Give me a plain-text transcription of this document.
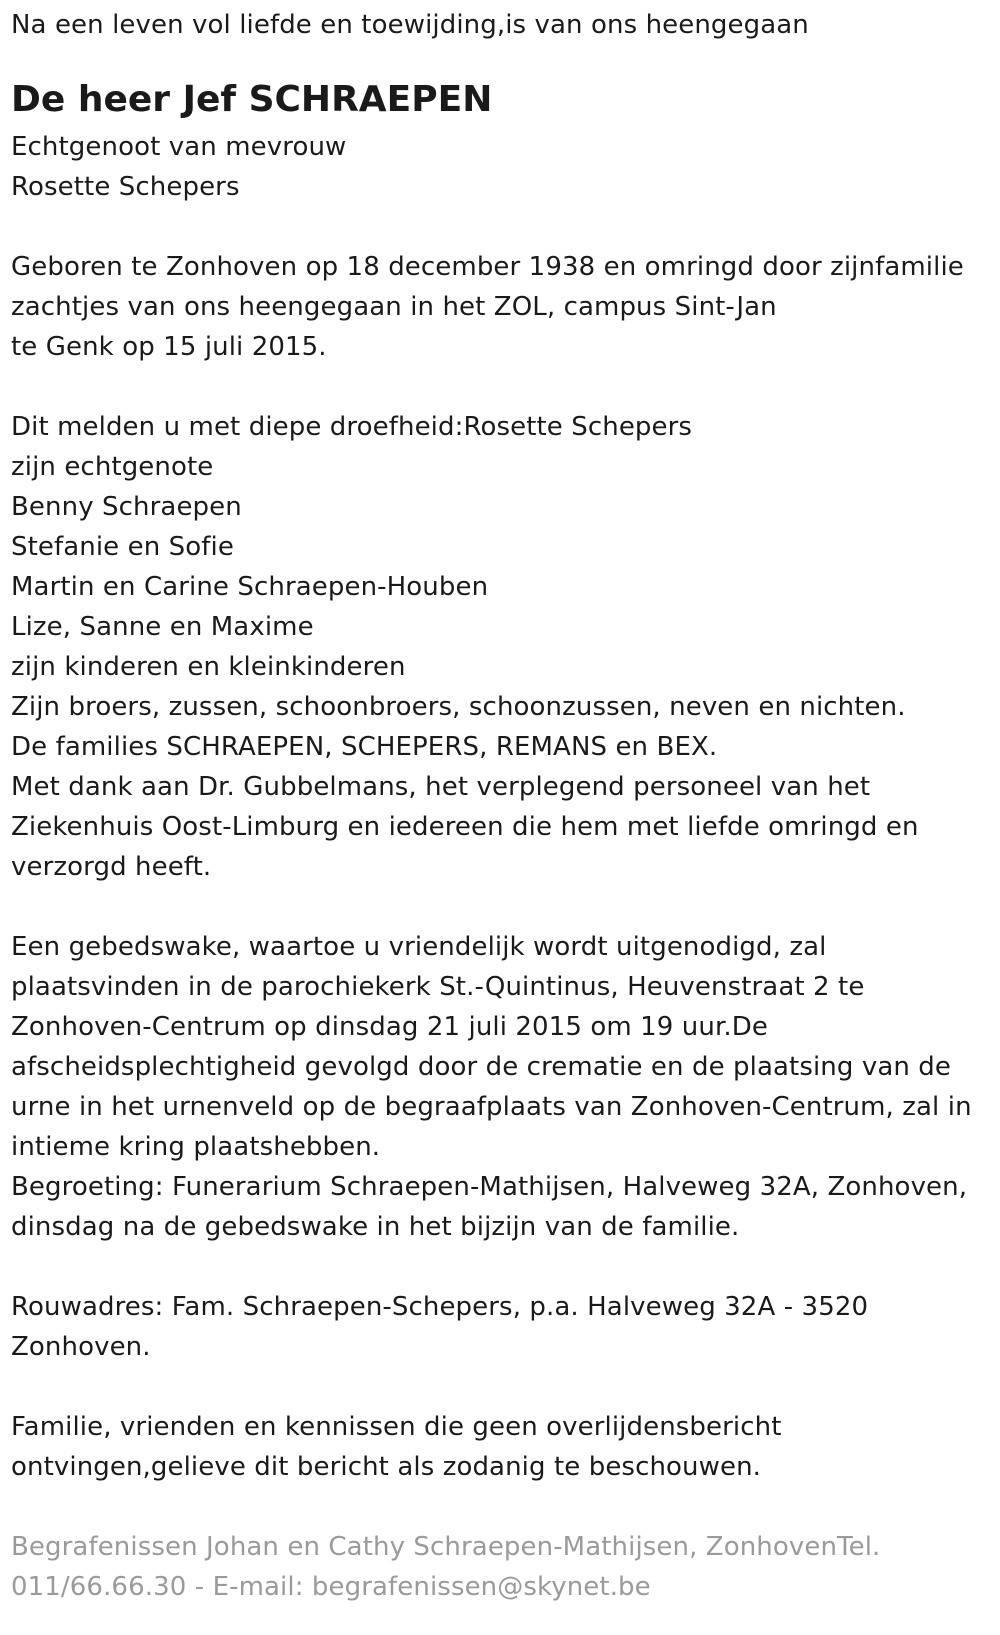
Na een leven vol liefde en toewijding,is van ons heengegaan
De heer Jef SCHRAEPEN
Echtgenoot van mevrouw
Rosette Schepers
Geboren te Zonhoven op 18 december 1938 en omringd door zijnfamilie
zachtjes van ons heengegaan in het ZOL, campus Sint-Jan
te Genk op 15 juli 2015.
Dit melden u met diepe droefheid:Rosette Schepers
zijn echtgenote
Benny Schraepen
Stefanie en Sofie
Martin en Carine Schraepen-Houben
Lize, Sanne en Maxime
zijn kinderen en kleinkinderen
Zijn broers, zussen, schoonbroers, schoonzussen, neven en nichten.
De families SCHRAEPEN, SCHEPERS, REMANS en BEX.
Met dank aan Dr. Gubbelmans, het verplegend personeel van het
Ziekenhuis Oost-Limburg en iedereen die hem met liefde omringd en
verzorgd heeft.
Een gebedswake, waartoe u vriendelijk wordt uitgenodigd, zal
plaatsvinden in de parochiekerk St.-Quintinus, Heuvenstraat 2 te
Zonhoven-Centrum op dinsdag 21 juli 2015 om 19 uur.De
afscheidsplechtigheid gevolgd door de crematie en de plaatsing van de
urne in het urnenveld op de begraafplaats van Zonhoven-Centrum, zal in
intieme kring plaatshebben.
Begroeting: Funerarium Schraepen-Mathijsen, Halveweg 32A, Zonhoven,
dinsdag na de gebedswake in het bijzijn van de familie.
Rouwadres: Fam. Schraepen-Schepers, p.a. Halveweg 32A - 3520
Zonhoven.
Familie, vrienden en kennissen die geen overlijdensbericht
ontvingen,gelieve dit bericht als zodanig te beschouwen.
Begrafenissen Johan en Cathy Schraepen-Mathijsen, ZonhovenTel.
011/66.66.30 - E-mail: begrafenissen@skynet.be
